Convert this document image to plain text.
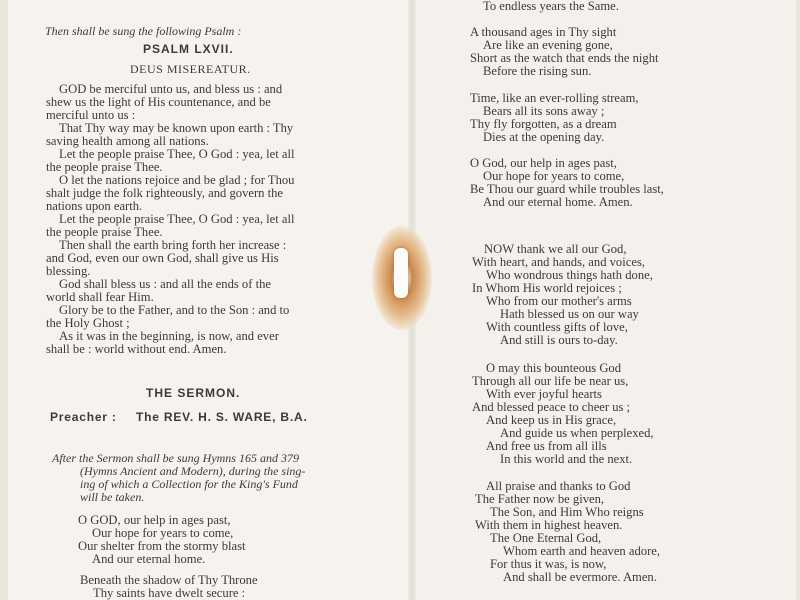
Then shall be sung the following Psalm :
PSALM LXVII.
DEUS MISEREATUR.
GOD be merciful unto us, and bless us : and
shew us the light of His countenance, and be
merciful unto us :
That Thy way may be known upon earth : Thy
saving health among all nations.
Let the people praise Thee, O God : yea, let all
the people praise Thee.
O let the nations rejoice and be glad ; for Thou
shalt judge the folk righteously, and govern the
nations upon earth.
Let the people praise Thee, O God : yea, let all
the people praise Thee.
Then shall the earth bring forth her increase :
and God, even our own God, shall give us His
blessing.
God shall bless us : and all the ends of the
world shall fear Him.
Glory be to the Father, and to the Son : and to
the Holy Ghost ;
As it was in the beginning, is now, and ever
shall be : world without end. Amen.
THE SERMON.
Preacher : The REV. H. S. WARE, B.A.
After the Sermon shall be sung Hymns 165 and 379
(Hymns Ancient and Modern), during the sing-
ing of which a Collection for the King's Fund
will be taken.
O GOD, our help in ages past,
Our hope for years to come,
Our shelter from the stormy blast
And our eternal home.
Beneath the shadow of Thy Throne
Thy saints have dwelt secure :
To endless years the Same.
A thousand ages in Thy sight
Are like an evening gone,
Short as the watch that ends the night
Before the rising sun.
Time, like an ever-rolling stream,
Bears all its sons away ;
Thy fly forgotten, as a dream
Dies at the opening day.
O God, our help in ages past,
Our hope for years to come,
Be Thou our guard while troubles last,
And our eternal home. Amen.
NOW thank we all our God,
With heart, and hands, and voices,
Who wondrous things hath done,
In Whom His world rejoices ;
Who from our mother's arms
Hath blessed us on our way
With countless gifts of love,
And still is ours to-day.
O may this bounteous God
Through all our life be near us,
With ever joyful hearts
And blessed peace to cheer us ;
And keep us in His grace,
And guide us when perplexed,
And free us from all ills
In this world and the next.
All praise and thanks to God
The Father now be given,
The Son, and Him Who reigns
With them in highest heaven.
The One Eternal God,
Whom earth and heaven adore,
For thus it was, is now,
And shall be evermore. Amen.
